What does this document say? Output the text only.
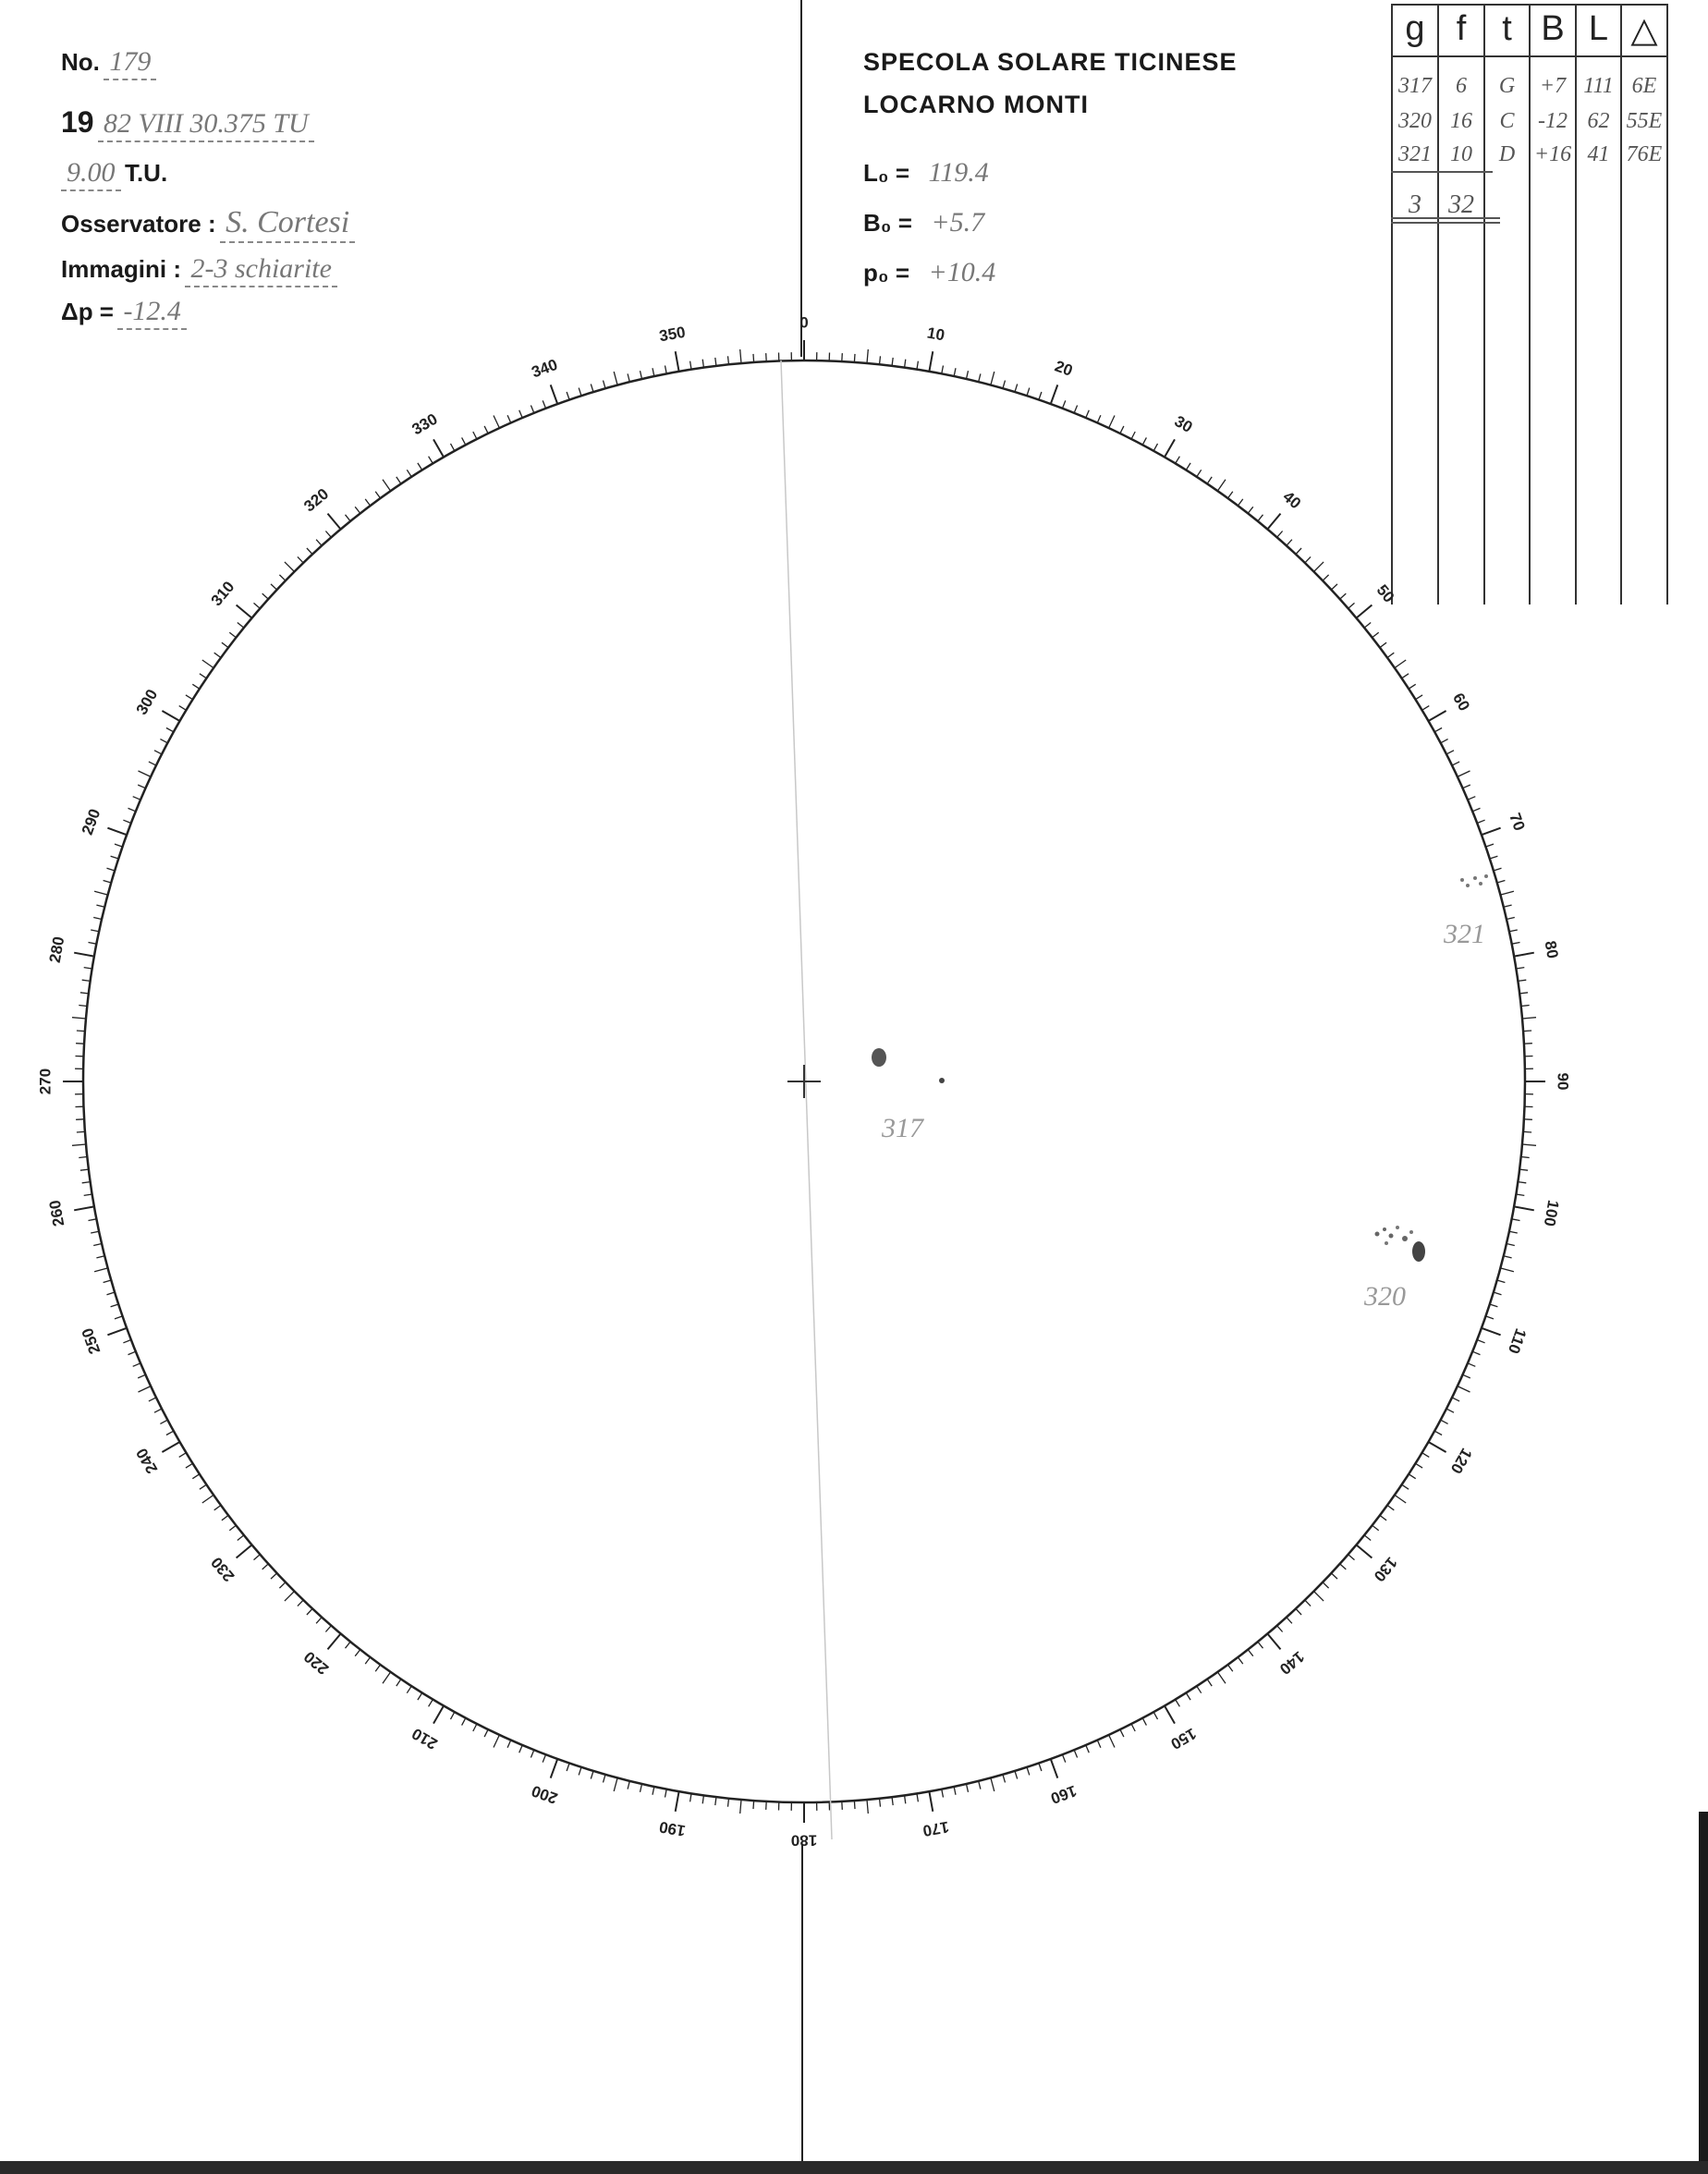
No. 179
19 82 VIII 30.375 TU
9.00 T.U.
Osservatore : S. Cortesi
Immagini : 2-3 schiarite
Δp = -12.4
SPECOLA SOLARE TICINESE
LOCARNO MONTI
L₀ = 119.4
B₀ = +5.7
p₀ = +10.4
g f	t B L △
317	6	G	+7 111 6E
320 16	C	-12 62 55E
321 10	D +16 41 76E
3	32
0
10
20
30
40
50
60
70
80
90
100
110
120
130
140
150
160
170
180
190
200
210
220
230
240
250
260
270
280
290
300
310
320
330
340
350
317
320
321
